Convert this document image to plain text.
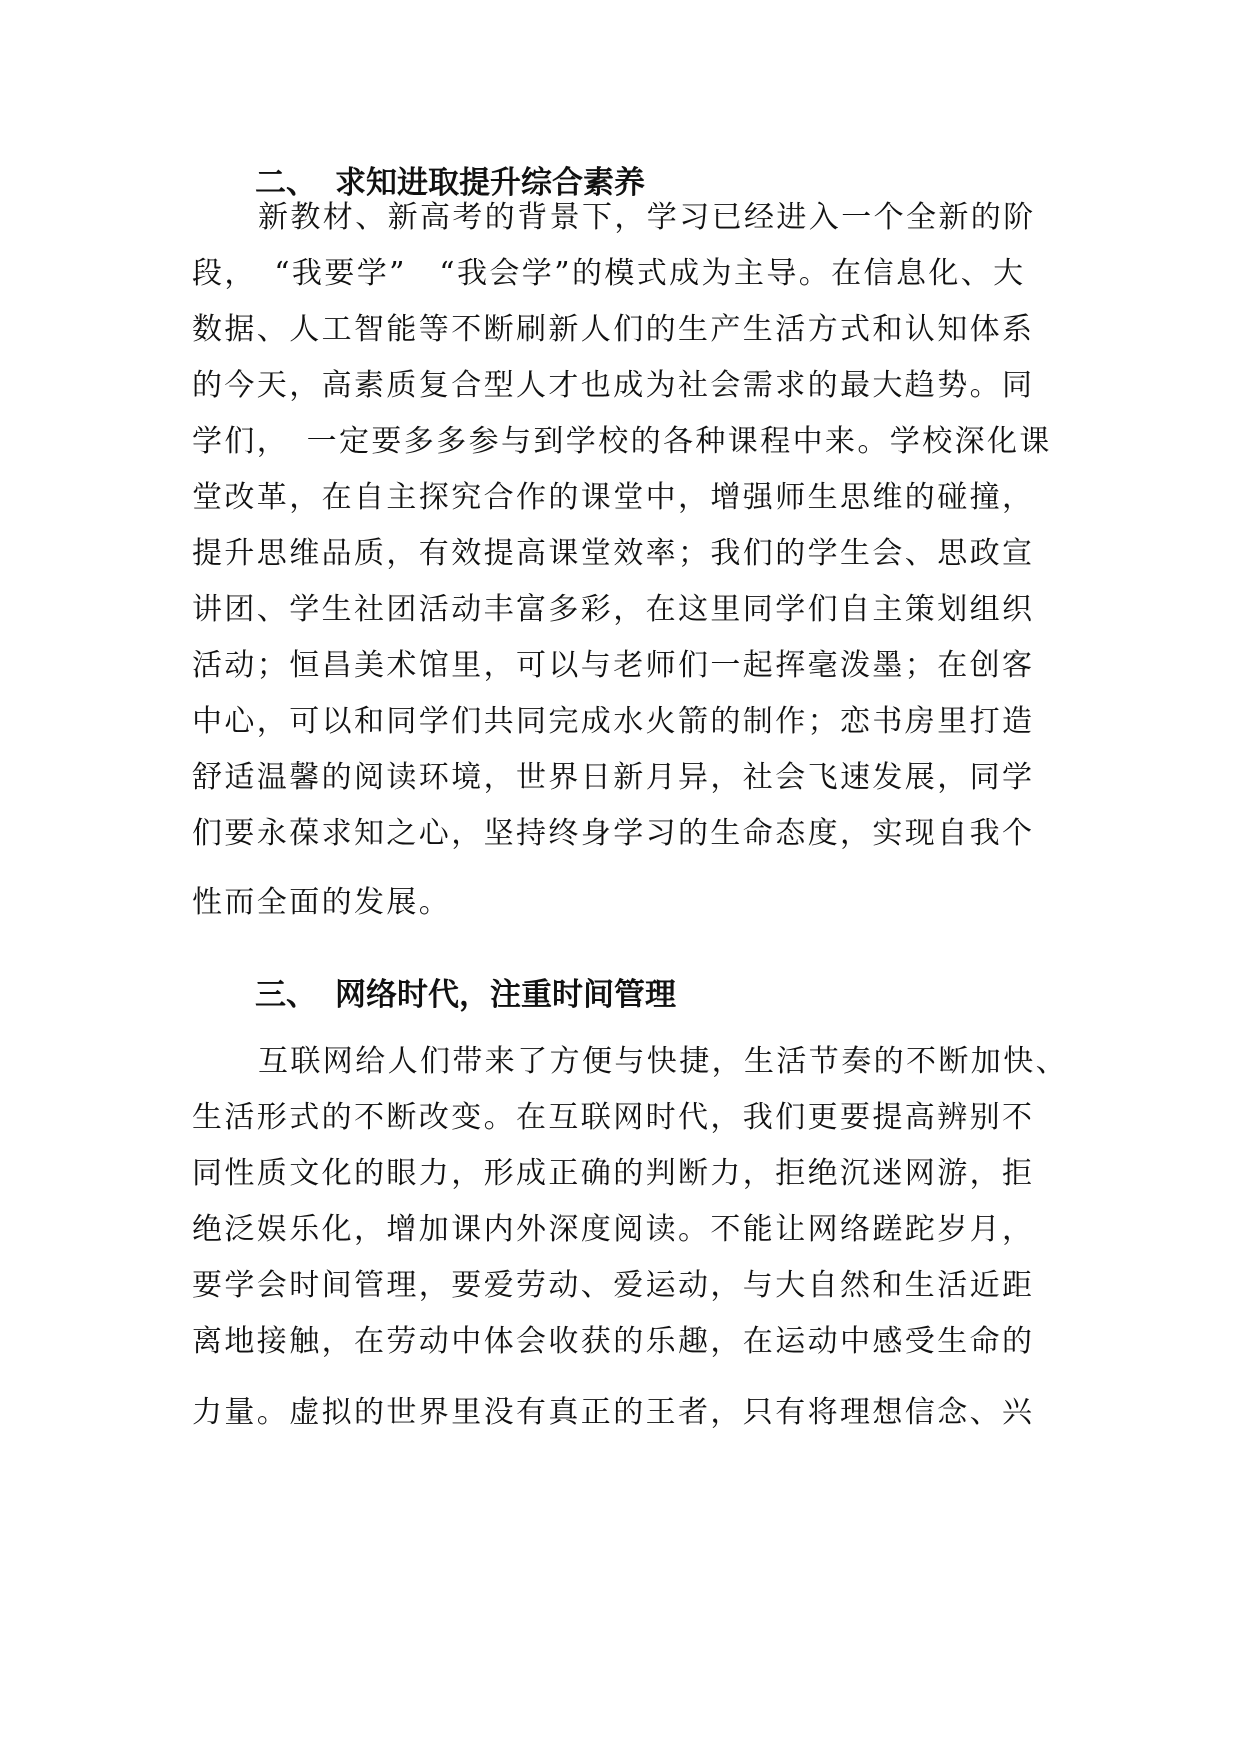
二、 求知进取提升综合素养
新教材、新高考的背景下，学习已经进入一个全新的阶
段，　“我要学”　“我会学”的模式成为主导。在信息化、大
数据、人工智能等不断刷新人们的生产生活方式和认知体系
的今天，高素质复合型人才也成为社会需求的最大趋势。同
学们，　一定要多多参与到学校的各种课程中来。学校深化课
堂改革，在自主探究合作的课堂中，增强师生思维的碰撞，
提升思维品质，有效提高课堂效率；我们的学生会、思政宣
讲团、学生社团活动丰富多彩，在这里同学们自主策划组织
活动；恒昌美术馆里，可以与老师们一起挥毫泼墨；在创客
中心，可以和同学们共同完成水火箭的制作；恋书房里打造
舒适温馨的阅读环境，世界日新月异，社会飞速发展，同学
们要永葆求知之心，坚持终身学习的生命态度，实现自我个
性而全面的发展。
三、 网络时代，注重时间管理
互联网给人们带来了方便与快捷，生活节奏的不断加快、
生活形式的不断改变。在互联网时代，我们更要提高辨别不
同性质文化的眼力，形成正确的判断力，拒绝沉迷网游，拒
绝泛娱乐化，增加课内外深度阅读。不能让网络蹉跎岁月，
要学会时间管理，要爱劳动、爱运动，与大自然和生活近距
离地接触，在劳动中体会收获的乐趣，在运动中感受生命的
力量。虚拟的世界里没有真正的王者，只有将理想信念、兴
